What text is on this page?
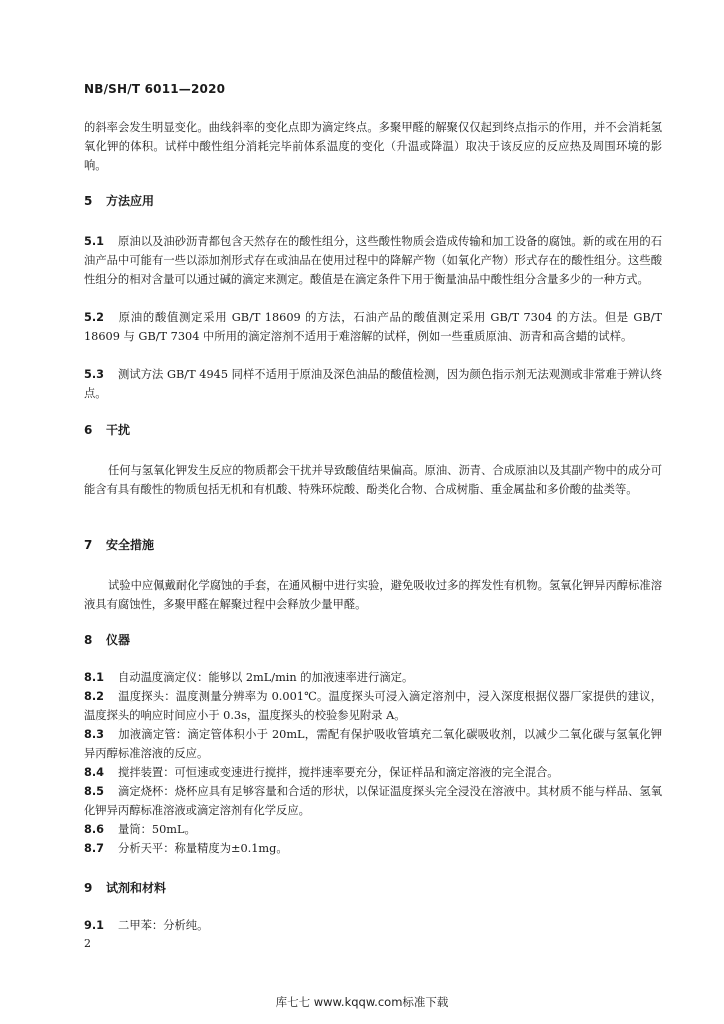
NB/SH/T 6011—2020
的斜率会发生明显变化。曲线斜率的变化点即为滴定终点。多聚甲醛的解聚仅仅起到终点指示的作用，并不会消耗氢氧化钾的体积。试样中酸性组分消耗完毕前体系温度的变化（升温或降温）取决于该反应的反应热及周围环境的影响。
5 方法应用
5.1 原油以及油砂沥青都包含天然存在的酸性组分，这些酸性物质会造成传输和加工设备的腐蚀。新的或在用的石油产品中可能有一些以添加剂形式存在或油品在使用过程中的降解产物（如氧化产物）形式存在的酸性组分。这些酸性组分的相对含量可以通过碱的滴定来测定。酸值是在滴定条件下用于衡量油品中酸性组分含量多少的一种方式。
5.2 原油的酸值测定采用 GB/T 18609 的方法，石油产品的酸值测定采用 GB/T 7304 的方法。但是 GB/T 18609 与 GB/T 7304 中所用的滴定溶剂不适用于难溶解的试样，例如一些重质原油、沥青和高含蜡的试样。
5.3 测试方法 GB/T 4945 同样不适用于原油及深色油品的酸值检测，因为颜色指示剂无法观测或非常难于辨认终点。
6 干扰
任何与氢氧化钾发生反应的物质都会干扰并导致酸值结果偏高。原油、沥青、合成原油以及其副产物中的成分可能含有具有酸性的物质包括无机和有机酸、特殊环烷酸、酚类化合物、合成树脂、重金属盐和多价酸的盐类等。
7 安全措施
试验中应佩戴耐化学腐蚀的手套，在通风橱中进行实验，避免吸收过多的挥发性有机物。氢氧化钾异丙醇标准溶液具有腐蚀性，多聚甲醛在解聚过程中会释放少量甲醛。
8 仪器
8.1 自动温度滴定仪：能够以 2mL/min 的加液速率进行滴定。
8.2 温度探头：温度测量分辨率为 0.001℃。温度探头可浸入滴定溶剂中，浸入深度根据仪器厂家提供的建议，温度探头的响应时间应小于 0.3s，温度探头的校验参见附录 A。
8.3 加液滴定管：滴定管体积小于 20mL，需配有保护吸收管填充二氧化碳吸收剂，以减少二氧化碳与氢氧化钾异丙醇标准溶液的反应。
8.4 搅拌装置：可恒速或变速进行搅拌，搅拌速率要充分，保证样品和滴定溶液的完全混合。
8.5 滴定烧杯：烧杯应具有足够容量和合适的形状，以保证温度探头完全浸没在溶液中。其材质不能与样品、氢氧化钾异丙醇标准溶液或滴定溶剂有化学反应。
8.6 量筒：50mL。
8.7 分析天平：称量精度为±0.1mg。
9 试剂和材料
9.1 二甲苯：分析纯。
2
库七七 www.kqqw.com标准下载
